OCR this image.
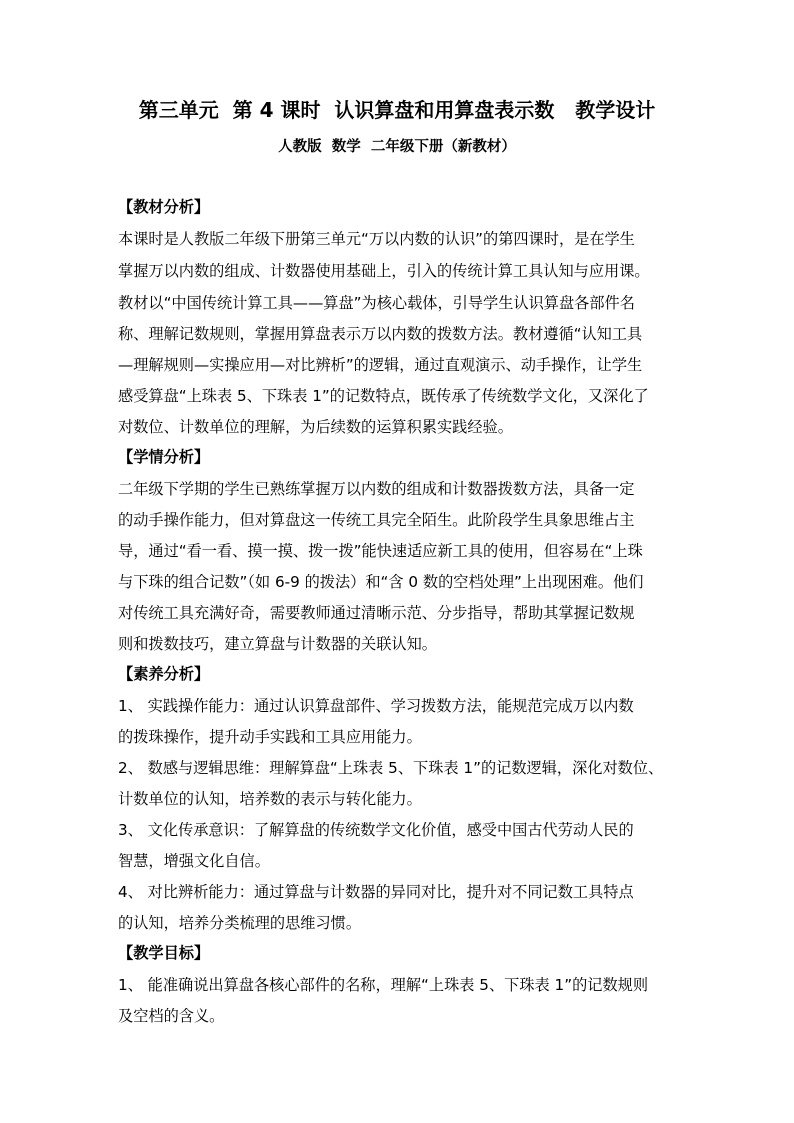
第三单元  第 4 课时  认识算盘和用算盘表示数   教学设计
人教版  数学  二年级下册（新教材）
【教材分析】
本课时是人教版二年级下册第三单元“万以内数的认识”的第四课时，是在学生
掌握万以内数的组成、计数器使用基础上，引入的传统计算工具认知与应用课。
教材以“中国传统计算工具——算盘”为核心载体，引导学生认识算盘各部件名
称、理解记数规则，掌握用算盘表示万以内数的拨数方法。教材遵循“认知工具
—理解规则—实操应用—对比辨析”的逻辑，通过直观演示、动手操作，让学生
感受算盘“上珠表 5、下珠表 1”的记数特点，既传承了传统数学文化，又深化了
对数位、计数单位的理解，为后续数的运算积累实践经验。
【学情分析】
二年级下学期的学生已熟练掌握万以内数的组成和计数器拨数方法，具备一定
的动手操作能力，但对算盘这一传统工具完全陌生。此阶段学生具象思维占主
导，通过“看一看、摸一摸、拨一拨”能快速适应新工具的使用，但容易在“上珠
与下珠的组合记数”（如 6-9 的拨法）和“含 0 数的空档处理”上出现困难。他们
对传统工具充满好奇，需要教师通过清晰示范、分步指导，帮助其掌握记数规
则和拨数技巧，建立算盘与计数器的关联认知。
【素养分析】
1、 实践操作能力：通过认识算盘部件、学习拨数方法，能规范完成万以内数
的拨珠操作，提升动手实践和工具应用能力。
2、 数感与逻辑思维：理解算盘“上珠表 5、下珠表 1”的记数逻辑，深化对数位、
计数单位的认知，培养数的表示与转化能力。
3、 文化传承意识：了解算盘的传统数学文化价值，感受中国古代劳动人民的
智慧，增强文化自信。
4、 对比辨析能力：通过算盘与计数器的异同对比，提升对不同记数工具特点
的认知，培养分类梳理的思维习惯。
【教学目标】
1、 能准确说出算盘各核心部件的名称，理解“上珠表 5、下珠表 1”的记数规则
及空档的含义。
